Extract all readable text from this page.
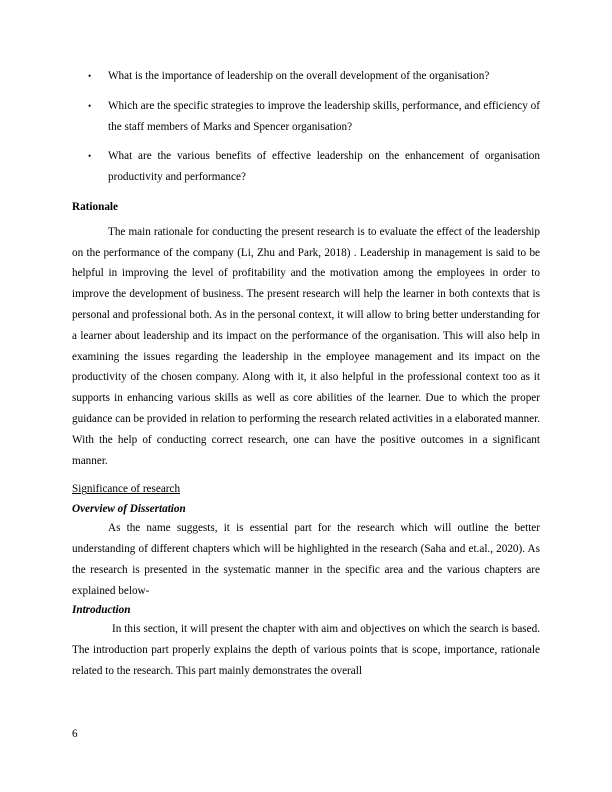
• What is the importance of leadership on the overall development of the organisation?
• Which are the specific strategies to improve the leadership skills, performance, and efficiency of the staff members of Marks and Spencer organisation?
• What are the various benefits of effective leadership on the enhancement of organisation productivity and performance?
Rationale

The main rationale for conducting the present research is to evaluate the effect of the leadership on the performance of the company (Li, Zhu and Park, 2018) . Leadership in management is said to be helpful in improving the level of profitability and the motivation among the employees in order to improve the development of business. The present research will help the learner in both contexts that is personal and professional both. As in the personal context, it will allow to bring better understanding for a learner about leadership and its impact on the performance of the organisation. This will also help in examining the issues regarding the leadership in the employee management and its impact on the productivity of the chosen company. Along with it, it also helpful in the professional context too as it supports in enhancing various skills as well as core abilities of the learner. Due to which the proper guidance can be provided in relation to performing the research related activities in a elaborated manner. With the help of conducting correct research, one can have the positive outcomes in a significant manner.

Significance of research
Overview of Dissertation

As the name suggests, it is essential part for the research which will outline the better understanding of different chapters which will be highlighted in the research (Saha and et.al., 2020). As the research is presented in the systematic manner in the specific area and the various chapters are explained below-

Introduction

In this section, it will present the chapter with aim and objectives on which the search is based. The introduction part properly explains the depth of various points that is scope, importance, rationale related to the research. This part mainly demonstrates the overall

6
